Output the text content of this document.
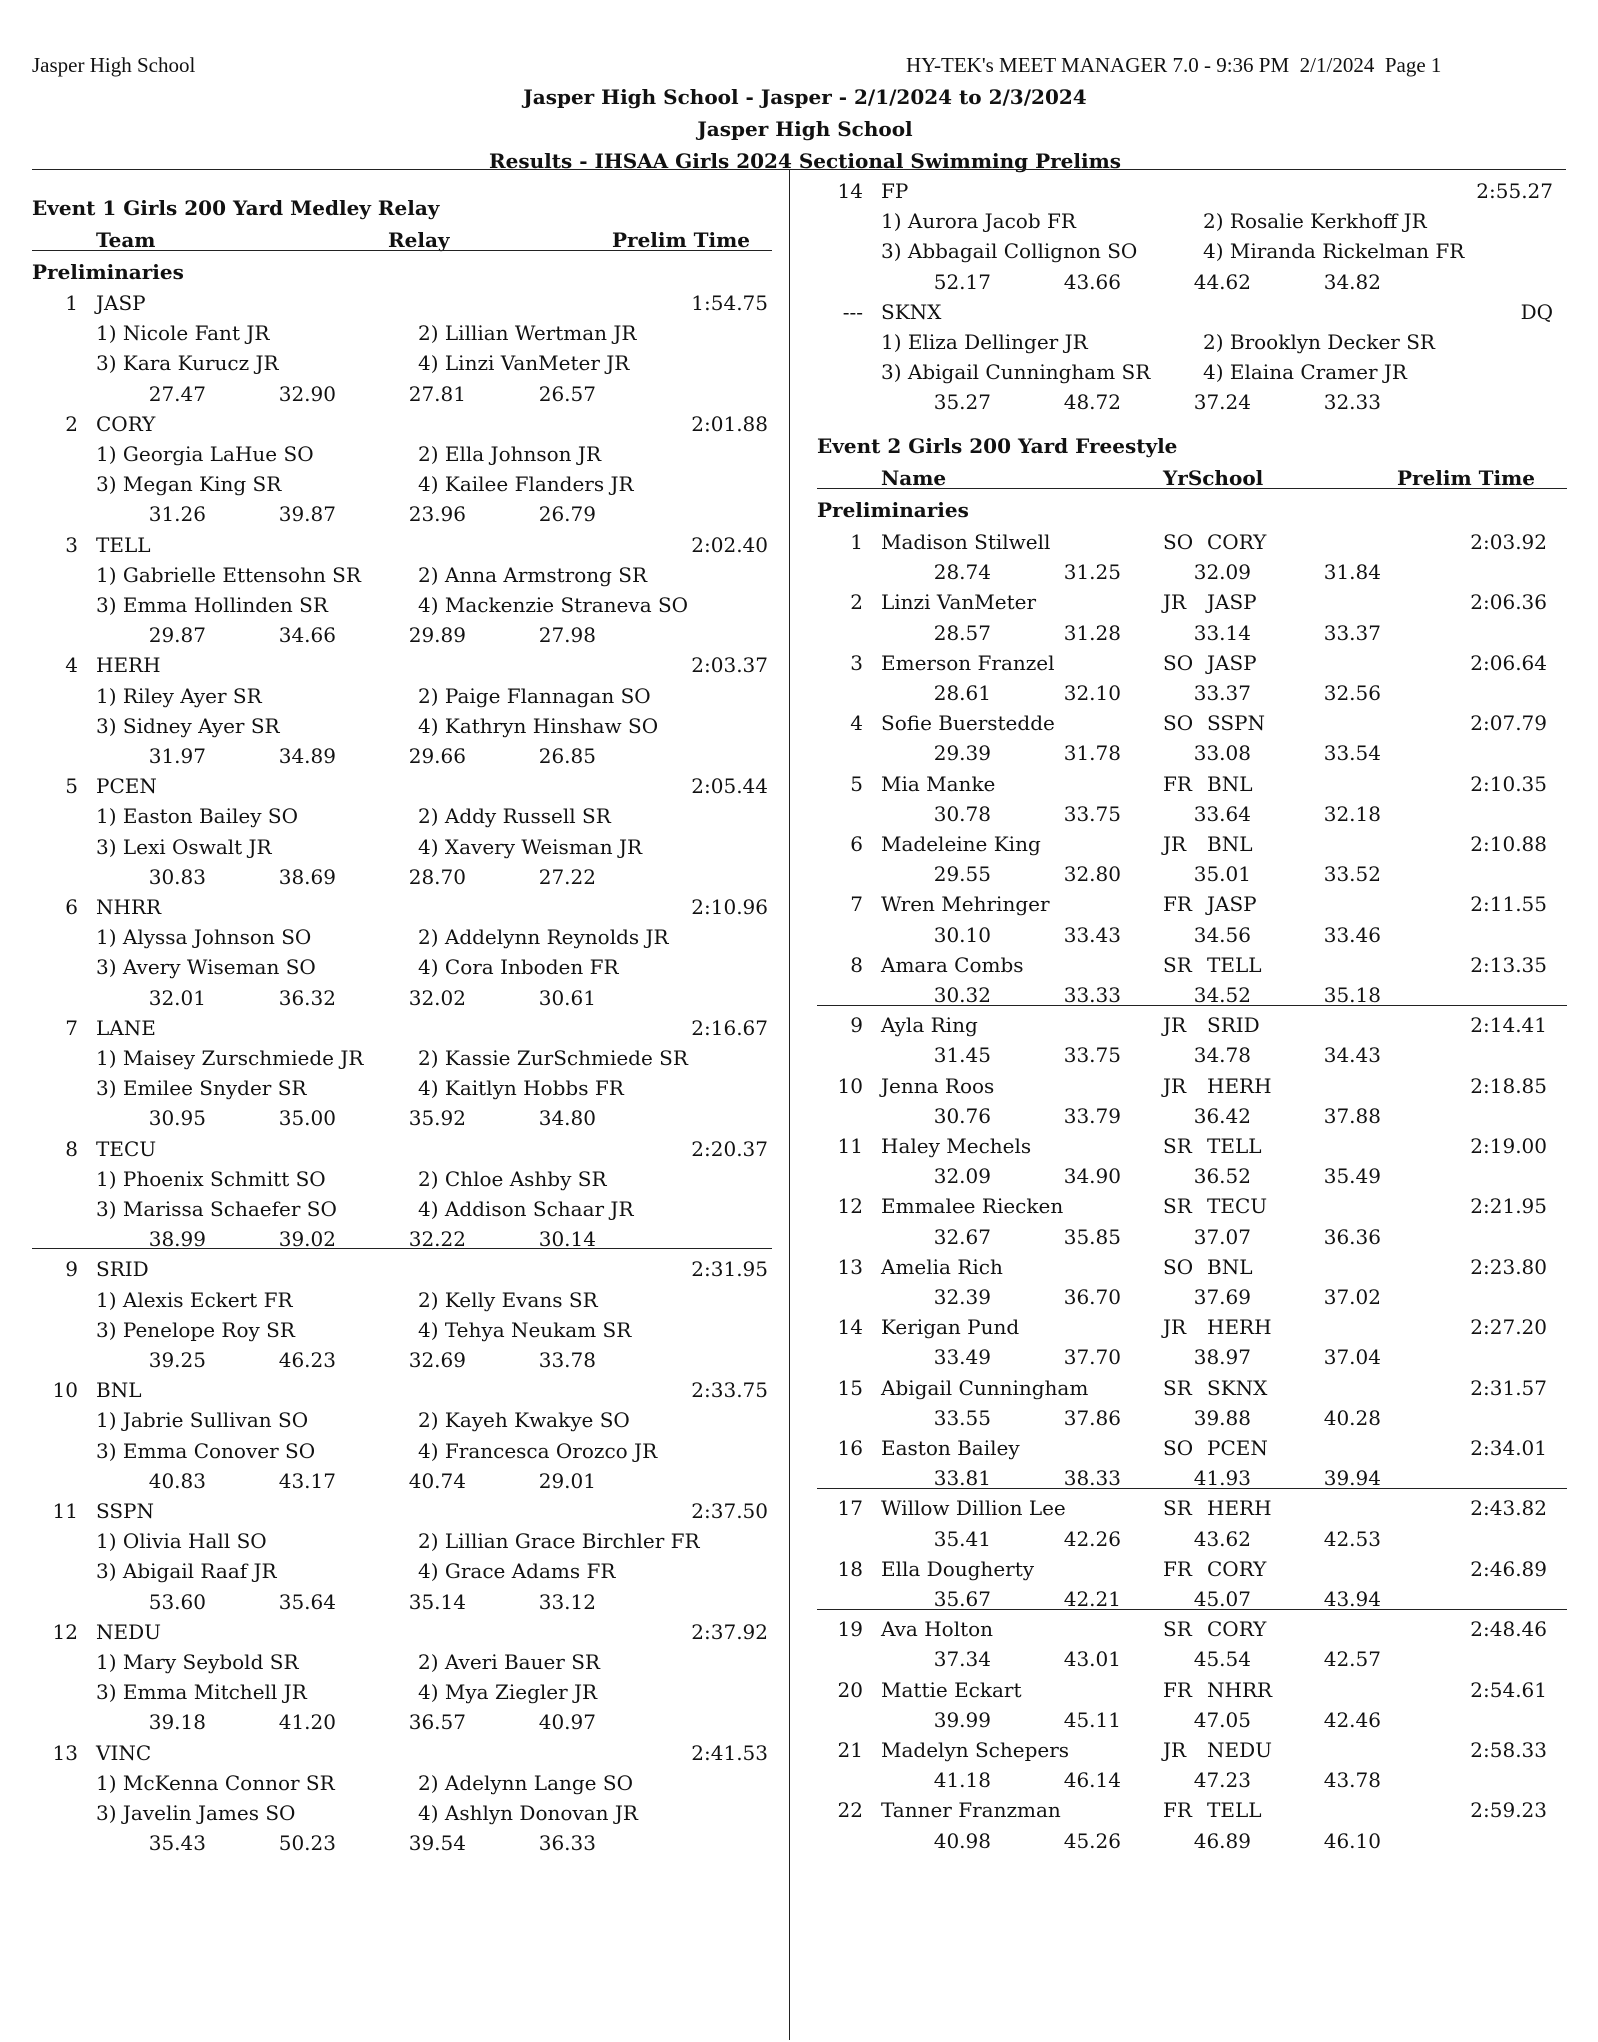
Jasper High School	HY-TEK's MEET MANAGER 7.0 - 9:36 PM  2/1/2024  Page 1
Jasper High School - Jasper - 2/1/2024 to 2/3/2024
Jasper High School
Results - IHSAA Girls 2024 Sectional Swimming Prelims
Event 1 Girls 200 Yard Medley Relay
Team	Relay	Prelim Time
Preliminaries
1 JASP	1:54.75
1) Nicole Fant JR	2) Lillian Wertman JR
3) Kara Kurucz JR	4) Linzi VanMeter JR
27.47	32.90	27.81	26.57
2 CORY	2:01.88
1) Georgia LaHue SO	2) Ella Johnson JR
3) Megan King SR	4) Kailee Flanders JR
31.26	39.87	23.96	26.79
3 TELL	2:02.40
1) Gabrielle Ettensohn SR	2) Anna Armstrong SR
3) Emma Hollinden SR	4) Mackenzie Straneva SO
29.87	34.66	29.89	27.98
4 HERH	2:03.37
1) Riley Ayer SR	2) Paige Flannagan SO
3) Sidney Ayer SR	4) Kathryn Hinshaw SO
31.97	34.89	29.66	26.85
5 PCEN	2:05.44
1) Easton Bailey SO	2) Addy Russell SR
3) Lexi Oswalt JR	4) Xavery Weisman JR
30.83	38.69	28.70	27.22
6 NHRR	2:10.96
1) Alyssa Johnson SO	2) Addelynn Reynolds JR
3) Avery Wiseman SO	4) Cora Inboden FR
32.01	36.32	32.02	30.61
7 LANE	2:16.67
1) Maisey Zurschmiede JR	2) Kassie ZurSchmiede SR
3) Emilee Snyder SR	4) Kaitlyn Hobbs FR
30.95	35.00	35.92	34.80
8 TECU	2:20.37
1) Phoenix Schmitt SO	2) Chloe Ashby SR
3) Marissa Schaefer SO	4) Addison Schaar JR
38.99	39.02	32.22	30.14
9 SRID	2:31.95
1) Alexis Eckert FR	2) Kelly Evans SR
3) Penelope Roy SR	4) Tehya Neukam SR
39.25	46.23	32.69	33.78
10 BNL	2:33.75
1) Jabrie Sullivan SO	2) Kayeh Kwakye SO
3) Emma Conover SO	4) Francesca Orozco JR
40.83	43.17	40.74	29.01
11 SSPN	2:37.50
1) Olivia Hall SO	2) Lillian Grace Birchler FR
3) Abigail Raaf JR	4) Grace Adams FR
53.60	35.64	35.14	33.12
12 NEDU	2:37.92
1) Mary Seybold SR	2) Averi Bauer SR
3) Emma Mitchell JR	4) Mya Ziegler JR
39.18	41.20	36.57	40.97
13 VINC	2:41.53
1) McKenna Connor SR	2) Adelynn Lange SO
3) Javelin James SO	4) Ashlyn Donovan JR
35.43	50.23	39.54	36.33
14 FP	2:55.27
1) Aurora Jacob FR	2) Rosalie Kerkhoff JR
3) Abbagail Collignon SO	4) Miranda Rickelman FR
52.17	43.66	44.62	34.82
--- SKNX	DQ
1) Eliza Dellinger JR	2) Brooklyn Decker SR
3) Abigail Cunningham SR	4) Elaina Cramer JR
35.27	48.72	37.24	32.33
Event 2 Girls 200 Yard Freestyle
Name	YrSchool	Prelim Time
Preliminaries
1 Madison Stilwell	SO CORY	2:03.92
28.74	31.25	32.09	31.84
2 Linzi VanMeter	JR JASP	2:06.36
28.57	31.28	33.14	33.37
3 Emerson Franzel	SO JASP	2:06.64
28.61	32.10	33.37	32.56
4 Sofie Buerstedde	SO SSPN	2:07.79
29.39	31.78	33.08	33.54
5 Mia Manke	FR BNL	2:10.35
30.78	33.75	33.64	32.18
6 Madeleine King	JR BNL	2:10.88
29.55	32.80	35.01	33.52
7 Wren Mehringer	FR JASP	2:11.55
30.10	33.43	34.56	33.46
8 Amara Combs	SR TELL	2:13.35
30.32	33.33	34.52	35.18
9 Ayla Ring	JR SRID	2:14.41
31.45	33.75	34.78	34.43
10 Jenna Roos	JR HERH	2:18.85
30.76	33.79	36.42	37.88
11 Haley Mechels	SR TELL	2:19.00
32.09	34.90	36.52	35.49
12 Emmalee Riecken	SR TECU	2:21.95
32.67	35.85	37.07	36.36
13 Amelia Rich	SO BNL	2:23.80
32.39	36.70	37.69	37.02
14 Kerigan Pund	JR HERH	2:27.20
33.49	37.70	38.97	37.04
15 Abigail Cunningham	SR SKNX	2:31.57
33.55	37.86	39.88	40.28
16 Easton Bailey	SO PCEN	2:34.01
33.81	38.33	41.93	39.94
17 Willow Dillion Lee	SR HERH	2:43.82
35.41	42.26	43.62	42.53
18 Ella Dougherty	FR CORY	2:46.89
35.67	42.21	45.07	43.94
19 Ava Holton	SR CORY	2:48.46
37.34	43.01	45.54	42.57
20 Mattie Eckart	FR NHRR	2:54.61
39.99	45.11	47.05	42.46
21 Madelyn Schepers	JR NEDU	2:58.33
41.18	46.14	47.23	43.78
22 Tanner Franzman	FR TELL	2:59.23
40.98	45.26	46.89	46.10
